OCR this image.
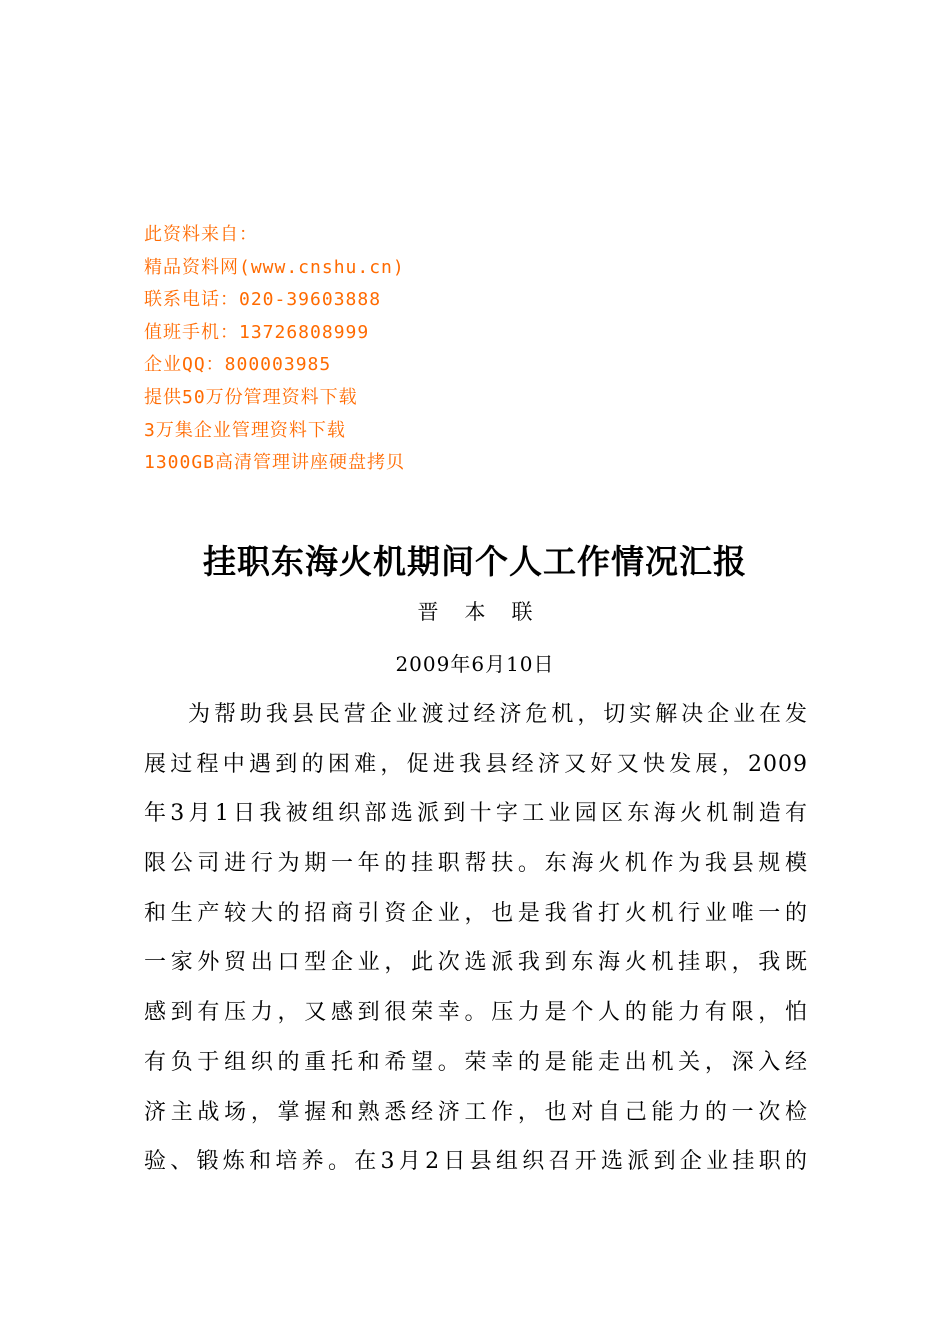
此资料来自：
精品资料网(www.cnshu.cn)
联系电话：020-39603888
值班手机：13726808999
企业QQ：800003985
提供50万份管理资料下载
3万集企业管理资料下载
1300GB高清管理讲座硬盘拷贝
挂职东海火机期间个人工作情况汇报
晋本联
2009年6月10日
为帮助我县民营企业渡过经济危机，切实解决企业在发
展过程中遇到的困难，促进我县经济又好又快发展，2009
年3月1日我被组织部选派到十字工业园区东海火机制造有
限公司进行为期一年的挂职帮扶。东海火机作为我县规模
和生产较大的招商引资企业，也是我省打火机行业唯一的
一家外贸出口型企业，此次选派我到东海火机挂职，我既
感到有压力，又感到很荣幸。压力是个人的能力有限，怕
有负于组织的重托和希望。荣幸的是能走出机关，深入经
济主战场，掌握和熟悉经济工作，也对自己能力的一次检
验、锻炼和培养。在3月2日县组织召开选派到企业挂职的
